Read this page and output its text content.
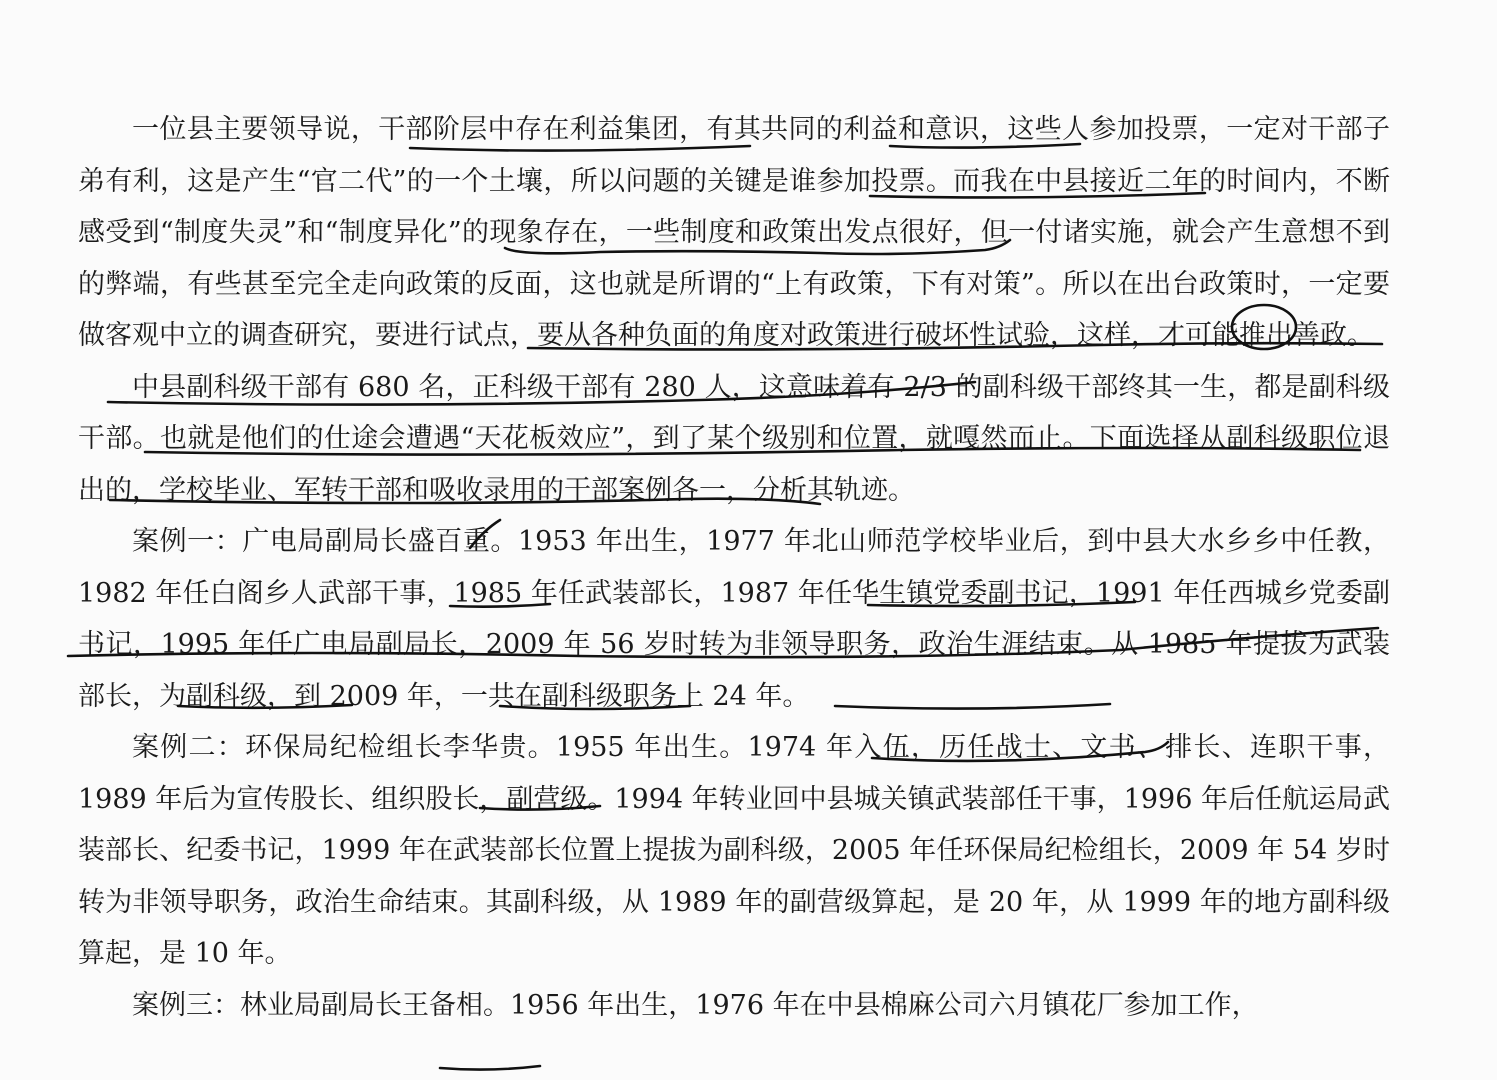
一位县主要领导说，干部阶层中存在利益集团，有其共同的利益和意识，这些人参加投票，一定对干部子弟有利，这是产生“官二代”的一个土壤，所以问题的关键是谁参加投票。而我在中县接近二年的时间内，不断感受到“制度失灵”和“制度异化”的现象存在，一些制度和政策出发点很好，但一付诸实施，就会产生意想不到的弊端，有些甚至完全走向政策的反面，这也就是所谓的“上有政策，下有对策”。所以在出台政策时，一定要做客观中立的调查研究，要进行试点，要从各种负面的角度对政策进行破坏性试验，这样，才可能推出善政。

中县副科级干部有 680 名，正科级干部有 280 人，这意味着有 2/3 的副科级干部终其一生，都是副科级干部。也就是他们的仕途会遭遇“天花板效应”，到了某个级别和位置，就嘎然而止。下面选择从副科级职位退出的，学校毕业、军转干部和吸收录用的干部案例各一，分析其轨迹。

案例一：广电局副局长盛百重。1953 年出生，1977 年北山师范学校毕业后，到中县大水乡乡中任教，1982 年任白阁乡人武部干事，1985 年任武装部长，1987 年任华生镇党委副书记，1991 年任西城乡党委副书记，1995 年任广电局副局长，2009 年 56 岁时转为非领导职务，政治生涯结束。从 1985 年提拔为武装部长，为副科级，到 2009 年，一共在副科级职务上 24 年。

案例二：环保局纪检组长李华贵。1955 年出生。1974 年入伍，历任战士、文书、排长、连职干事，1989 年后为宣传股长、组织股长，副营级。1994 年转业回中县城关镇武装部任干事，1996 年后任航运局武装部长、纪委书记，1999 年在武装部长位置上提拔为副科级，2005 年任环保局纪检组长，2009 年 54 岁时转为非领导职务，政治生命结束。其副科级，从 1989 年的副营级算起，是 20 年，从 1999 年的地方副科级算起，是 10 年。

案例三：林业局副局长王备相。1956 年出生，1976 年在中县棉麻公司六月镇花厂参加工作，
